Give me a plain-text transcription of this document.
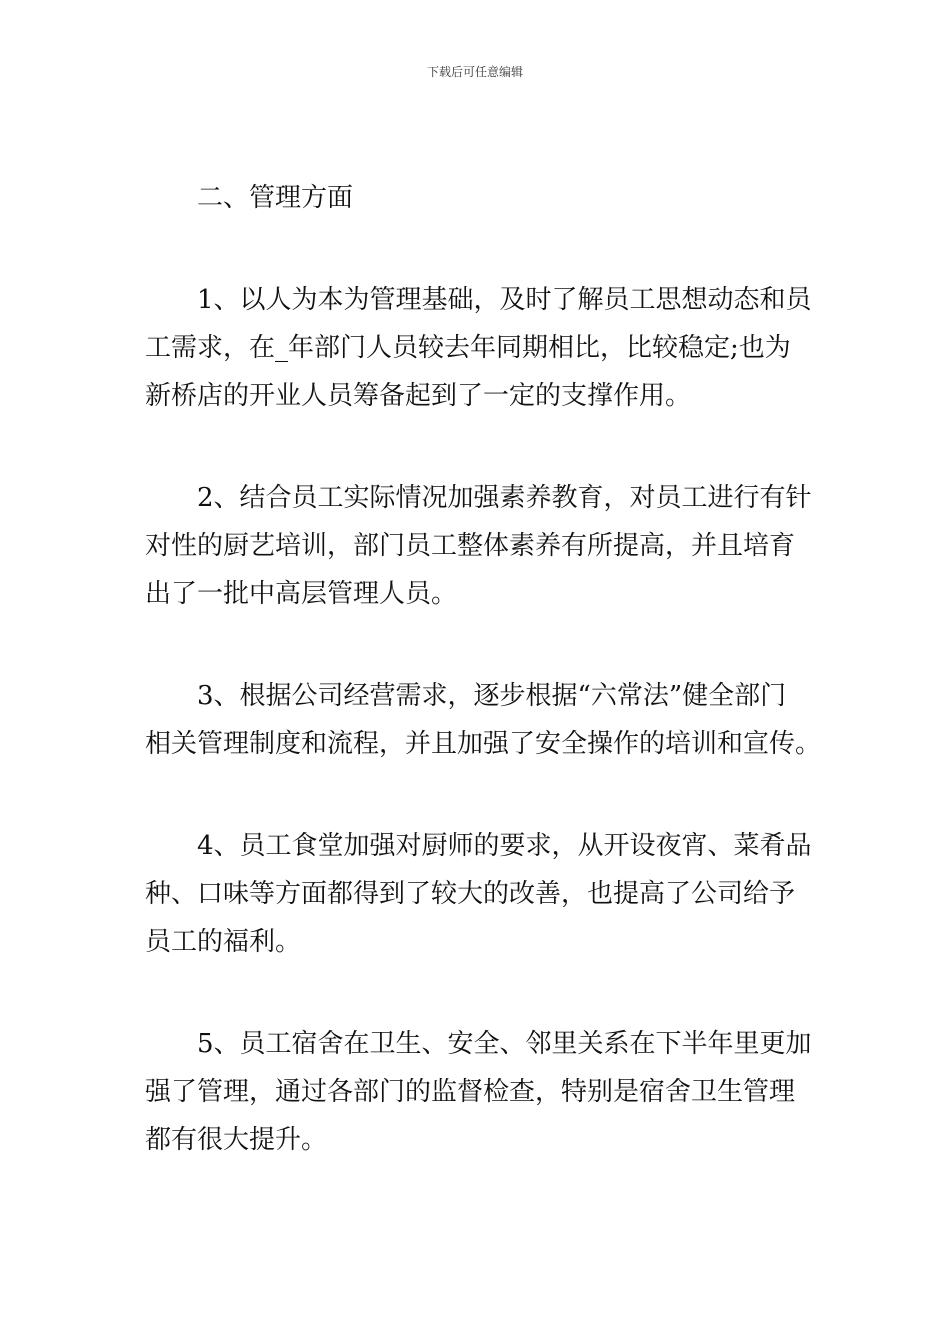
下载后可任意编辑
二、管理方面
1、以人为本为管理基础，及时了解员工思想动态和员
工需求，在_年部门人员较去年同期相比，比较稳定;也为
新桥店的开业人员筹备起到了一定的支撑作用。
2、结合员工实际情况加强素养教育，对员工进行有针
对性的厨艺培训，部门员工整体素养有所提高，并且培育
出了一批中高层管理人员。
3、根据公司经营需求，逐步根据“六常法”健全部门
相关管理制度和流程，并且加强了安全操作的培训和宣传。
4、员工食堂加强对厨师的要求，从开设夜宵、菜肴品
种、口味等方面都得到了较大的改善，也提高了公司给予
员工的福利。
5、员工宿舍在卫生、安全、邻里关系在下半年里更加
强了管理，通过各部门的监督检查，特别是宿舍卫生管理
都有很大提升。
